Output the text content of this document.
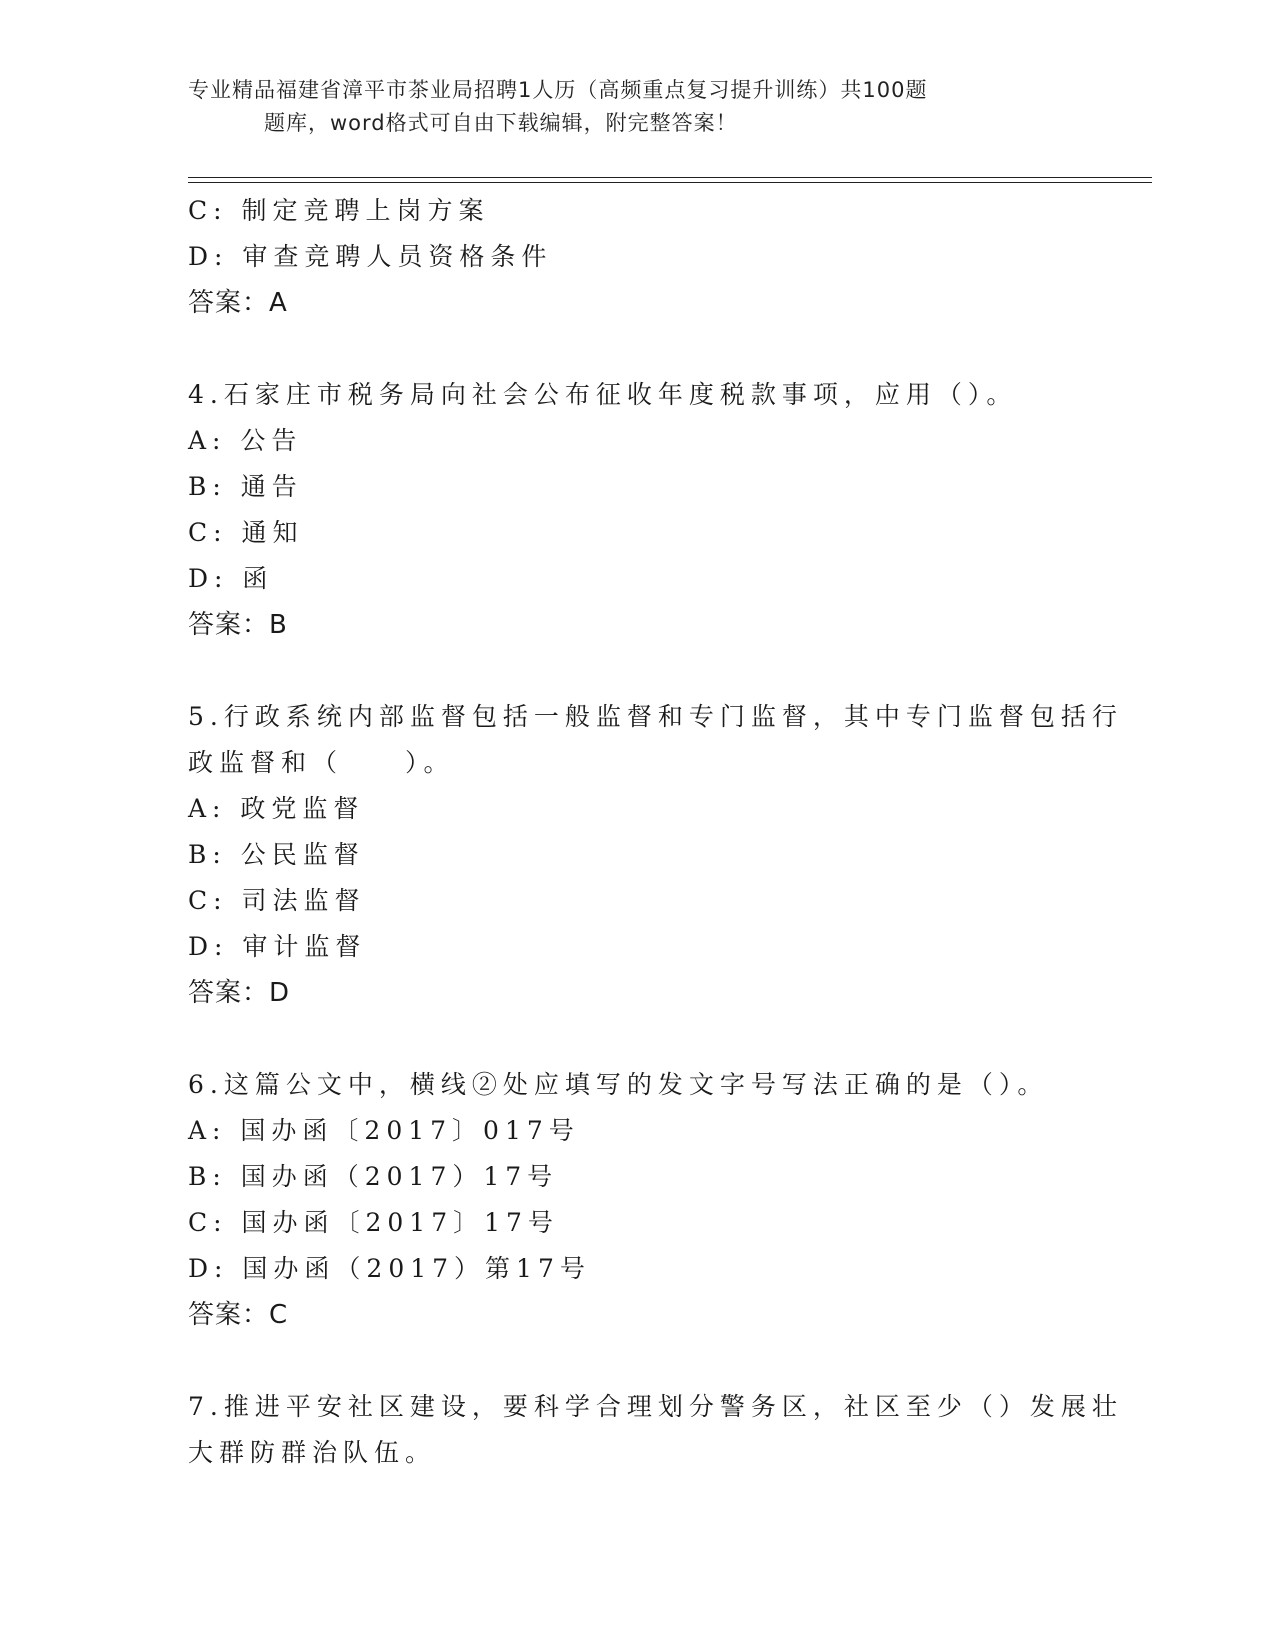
专业精品福建省漳平市茶业局招聘1人历（高频重点复习提升训练）共100题
题库，word格式可自由下载编辑，附完整答案！
C: 制定竞聘上岗方案
D: 审查竞聘人员资格条件
答案：A
4.石家庄市税务局向社会公布征收年度税款事项，应用（）。
A: 公告
B: 通告
C: 通知
D: 函
答案：B
5.行政系统内部监督包括一般监督和专门监督，其中专门监督包括行
政监督和（　　）。
A: 政党监督
B: 公民监督
C: 司法监督
D: 审计监督
答案：D
6.这篇公文中，横线②处应填写的发文字号写法正确的是（）。
A: 国办函〔2017〕017号
B: 国办函（2017）17号
C: 国办函〔2017〕17号
D: 国办函（2017）第17号
答案：C
7.推进平安社区建设，要科学合理划分警务区，社区至少（）发展壮
大群防群治队伍。
